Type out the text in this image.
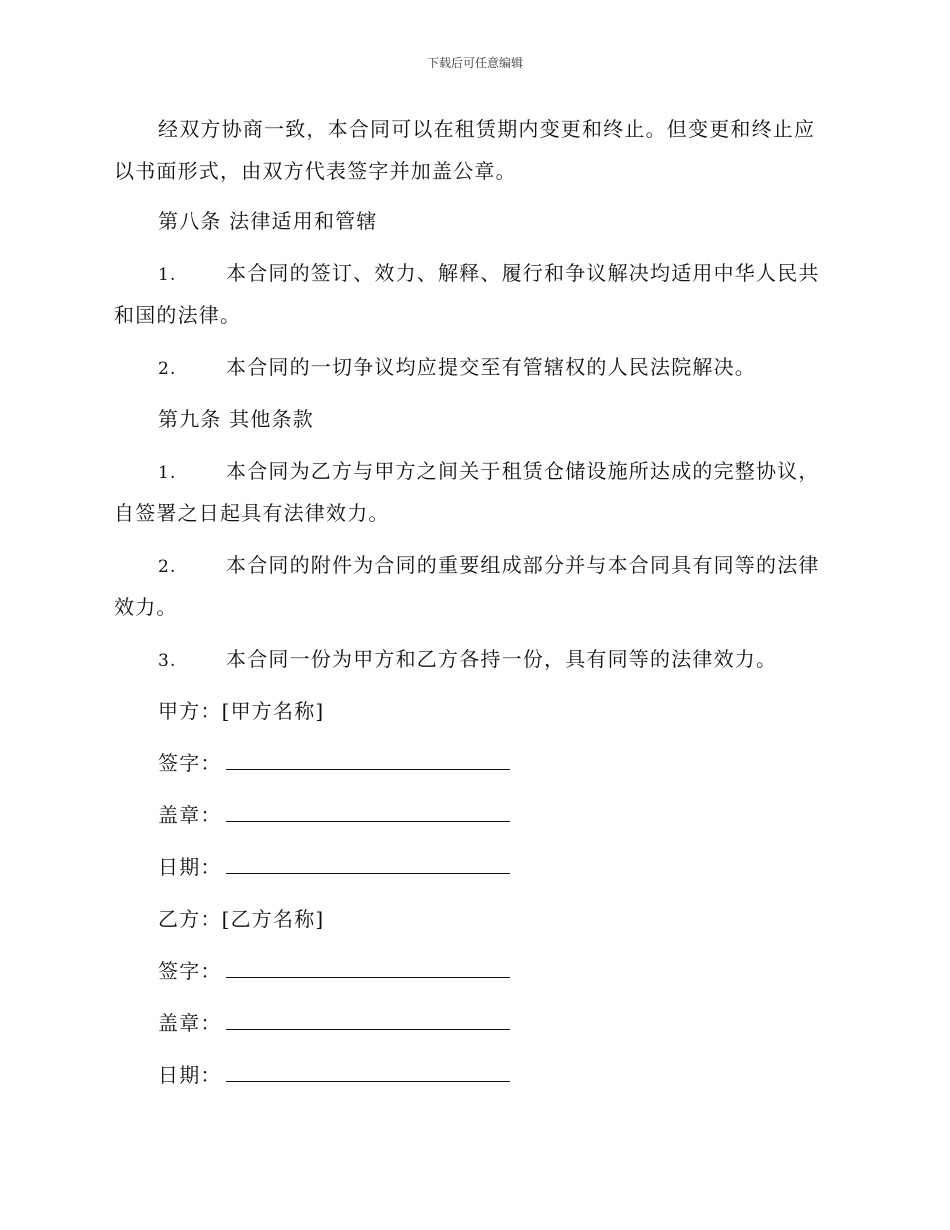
下载后可任意编辑
经双方协商一致，本合同可以在租赁期内变更和终止。但变更和终止应
以书面形式，由双方代表签字并加盖公章。
第八条 法律适用和管辖
1. 本合同的签订、效力、解释、履行和争议解决均适用中华人民共
和国的法律。
2. 本合同的一切争议均应提交至有管辖权的人民法院解决。
第九条 其他条款
1. 本合同为乙方与甲方之间关于租赁仓储设施所达成的完整协议，
自签署之日起具有法律效力。
2. 本合同的附件为合同的重要组成部分并与本合同具有同等的法律
效力。
3. 本合同一份为甲方和乙方各持一份，具有同等的法律效力。
甲方：[甲方名称]
签字：
盖章：
日期：
乙方：[乙方名称]
签字：
盖章：
日期：
